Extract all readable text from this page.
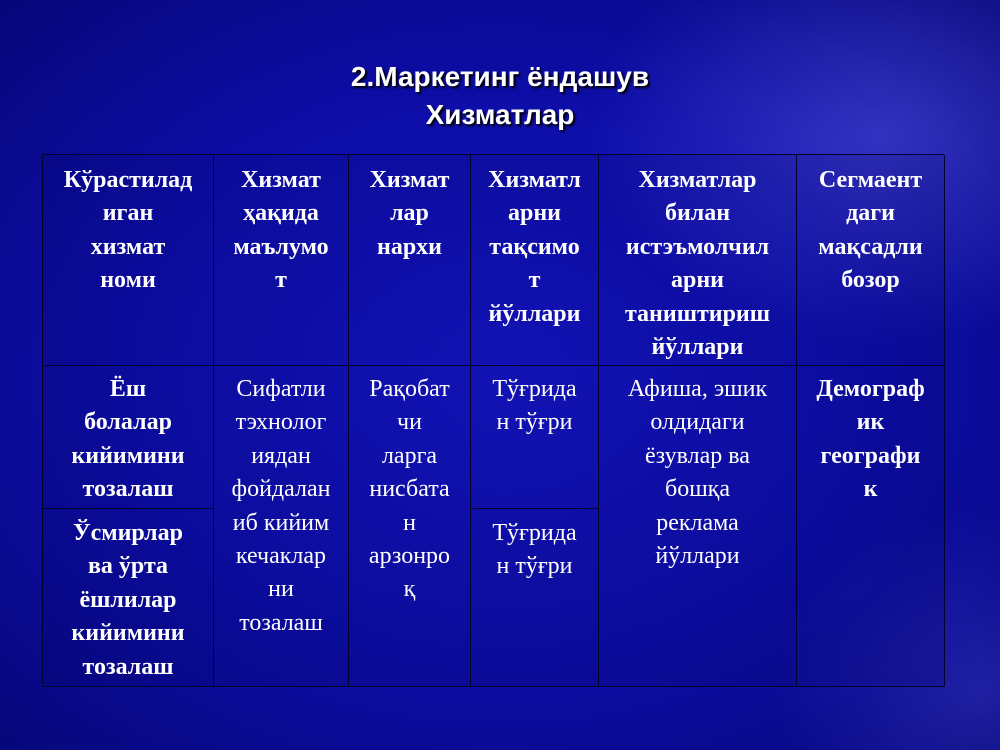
2.Маркетинг ёндашув
Хизматлар
Кўрастилад
иган
хизмат
номи
Хизмат
ҳақида
маълумо
т
Хизмат
лар
нархи
Хизматл
арни
тақсимо
т
йўллари
Хизматлар
билан
истэъмолчил
арни
таништириш
йўллари
Сегмаент
даги
мақсадли
бозор
Ёш
болалар
кийимини
тозалаш
Ўсмирлар
ва ўрта
ёшлилар
кийимини
тозалаш
Сифатли
тэхнолог
иядан
фойдалан
иб кийим
кечаклар
ни
тозалаш
Рақобат
чи
ларга
нисбата
н
арзонро
қ
Тўғрида
н тўғри
Тўғрида
н тўғри
Афиша, эшик
олдидаги
ёзувлар ва
бошқа
реклама
йўллари
Демограф
ик
географи
к
